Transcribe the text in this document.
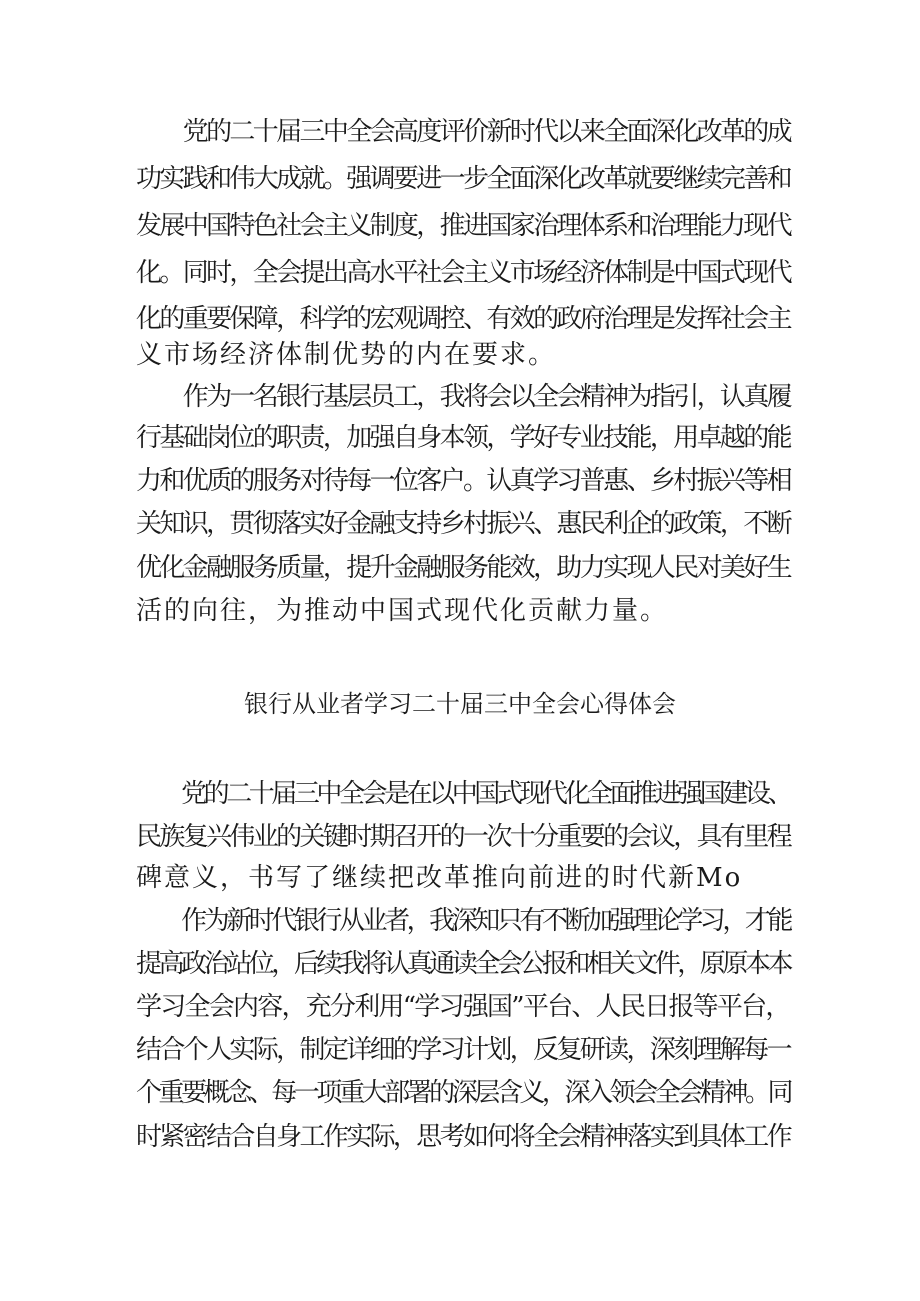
　　党的二十届三中全会高度评价新时代以来全面深化改革的成
功实践和伟大成就。强调要进一步全面深化改革就要继续完善和
发展中国特色社会主义制度，推进国家治理体系和治理能力现代
化。同时，全会提出高水平社会主义市场经济体制是中国式现代
化的重要保障，科学的宏观调控、有效的政府治理是发挥社会主
义市场经济体制优势的内在要求。
　　作为一名银行基层员工，我将会以全会精神为指引，认真履
行基础岗位的职责，加强自身本领，学好专业技能，用卓越的能
力和优质的服务对待每一位客户。认真学习普惠、乡村振兴等相
关知识，贯彻落实好金融支持乡村振兴、惠民利企的政策，不断
优化金融服务质量，提升金融服务能效，助力实现人民对美好生
活的向往，为推动中国式现代化贡献力量。
银行从业者学习二十届三中全会心得体会
　　党的二十届三中全会是在以中国式现代化全面推进强国建设、
民族复兴伟业的关键时期召开的一次十分重要的会议，具有里程
碑意义，书写了继续把改革推向前进的时代新Mo
　　作为新时代银行从业者，我深知只有不断加强理论学习，才能
提高政治站位，后续我将认真通读全会公报和相关文件，原原本本
学习全会内容，充分利用“学习强国”平台、人民日报等平台，
结合个人实际，制定详细的学习计划，反复研读，深刻理解每一
个重要概念、每一项重大部署的深层含义，深入领会全会精神。同
时紧密结合自身工作实际，思考如何将全会精神落实到具体工作
